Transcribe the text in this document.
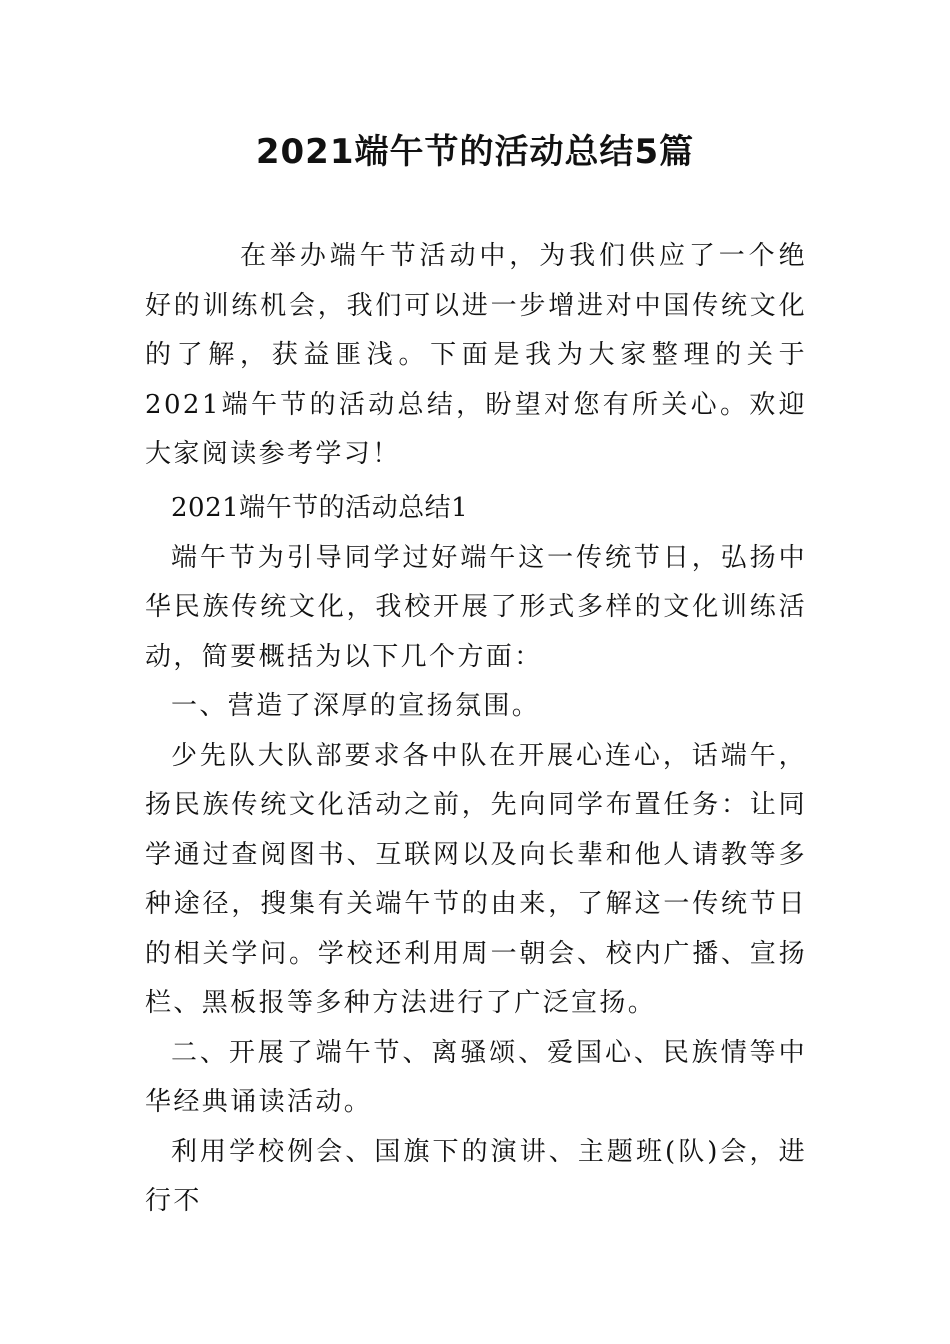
2021端午节的活动总结5篇

在举办端午节活动中，为我们供应了一个绝好的训练机会，我们可以进一步增进对中国传统文化的了解，获益匪浅。下面是我为大家整理的关于2021端午节的活动总结，盼望对您有所关心。欢迎大家阅读参考学习！

2021端午节的活动总结1

端午节为引导同学过好端午这一传统节日，弘扬中华民族传统文化，我校开展了形式多样的文化训练活动，简要概括为以下几个方面：

一、营造了深厚的宣扬氛围。

少先队大队部要求各中队在开展心连心，话端午，扬民族传统文化活动之前，先向同学布置任务：让同学通过查阅图书、互联网以及向长辈和他人请教等多种途径，搜集有关端午节的由来，了解这一传统节日的相关学问。学校还利用周一朝会、校内广播、宣扬栏、黑板报等多种方法进行了广泛宣扬。

二、开展了端午节、离骚颂、爱国心、民族情等中华经典诵读活动。

利用学校例会、国旗下的演讲、主题班(队)会，进行不
